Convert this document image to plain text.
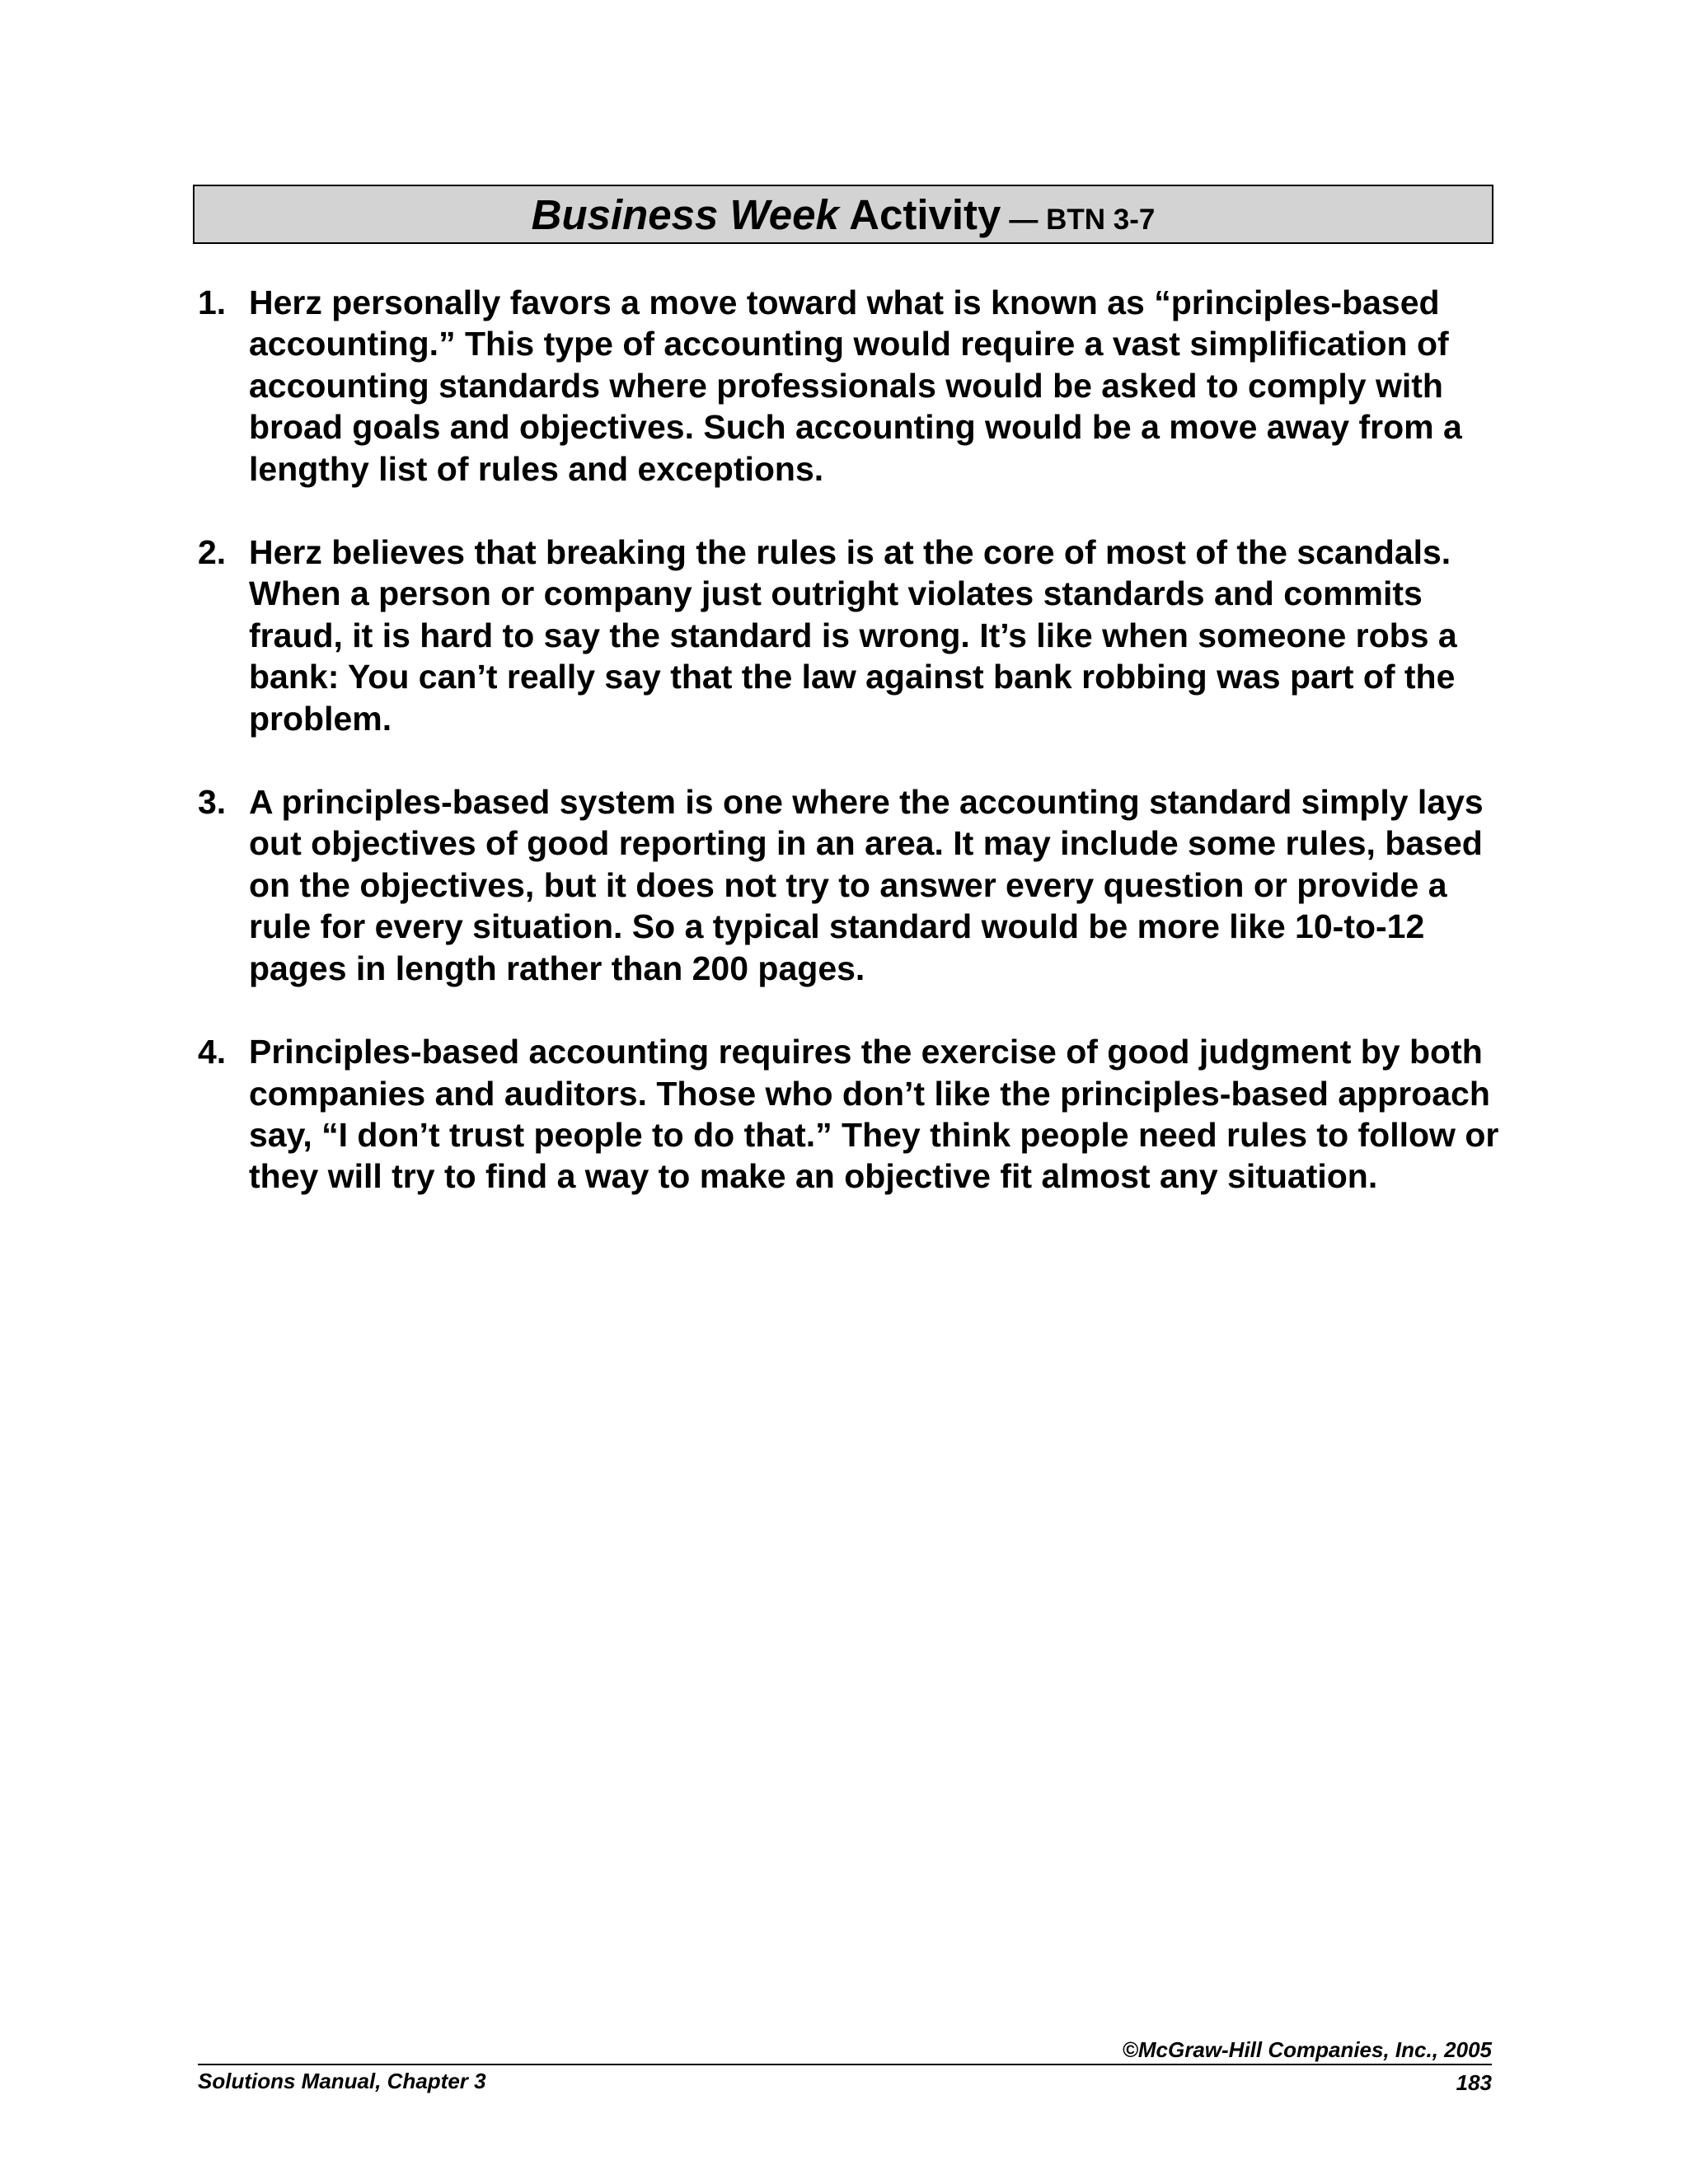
Business Week Activity — BTN 3-7
1. Herz personally favors a move toward what is known as “principles-based accounting.” This type of accounting would require a vast simplification of accounting standards where professionals would be asked to comply with broad goals and objectives. Such accounting would be a move away from a lengthy list of rules and exceptions.
2. Herz believes that breaking the rules is at the core of most of the scandals. When a person or company just outright violates standards and commits fraud, it is hard to say the standard is wrong. It’s like when someone robs a bank: You can’t really say that the law against bank robbing was part of the problem.
3. A principles-based system is one where the accounting standard simply lays out objectives of good reporting in an area. It may include some rules, based on the objectives, but it does not try to answer every question or provide a rule for every situation. So a typical standard would be more like 10-to-12 pages in length rather than 200 pages.
4. Principles-based accounting requires the exercise of good judgment by both companies and auditors. Those who don’t like the principles-based approach say, “I don’t trust people to do that.” They think people need rules to follow or they will try to find a way to make an objective fit almost any situation.
©McGraw-Hill Companies, Inc., 2005
Solutions Manual, Chapter 3	183
